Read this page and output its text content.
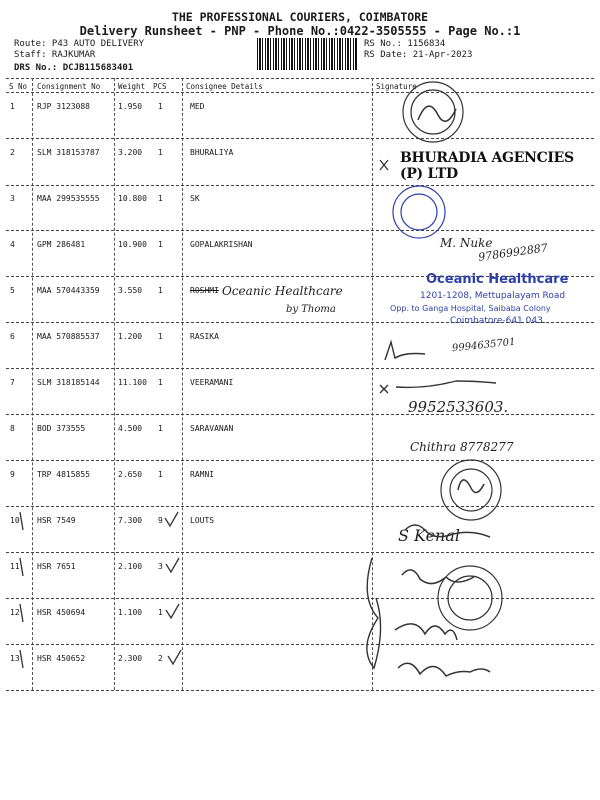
THE PROFESSIONAL COURIERS, COIMBATORE
Delivery Runsheet - PNP - Phone No.:0422-3505555 - Page No.:1
Route: P43 AUTO DELIVERY
Staff: RAJKUMAR
DRS No.: DCJB115683401
RS No.: 1156834
RS Date: 21-Apr-2023
S No Consignment No Weight PCS	Consignee Details	Signature
1	RJP 3123088	1.950 1	MED
2	SLM 318153787 3.200 1	BHURALIYA
3	MAA 299535555 10.800 1	SK
4	GPM 286481	10.900 1	GOPALAKRISHAN
5	MAA 570443359 3.550 1	ROSHMI
6	MAA 570885537 1.200 1	RASIKA
7	SLM 318185144 11.100 1	VEERAMANI
8	BOD 373555	4.500 1	SARAVANAN
9	TRP 4815855	2.650 1	RAMNI
10 HSR 7549	7.300 9	LOUTS
11 HSR 7651	2.100 3
12 HSR 450694	1.100 1
13 HSR 450652	2.300 2
BHURADIA AGENCIES (P) LTD
Oceanic Healthcare
1201-1208, Mettupalayam Road
Opp. to Ganga Hospital, Saibaba Colony
Coimbatore-641 043.
M. Nuke
9786992887
Oceanic Healthcare
by Thoma
9994635701
9952533603.
Chithra 8778277
S Kenal
